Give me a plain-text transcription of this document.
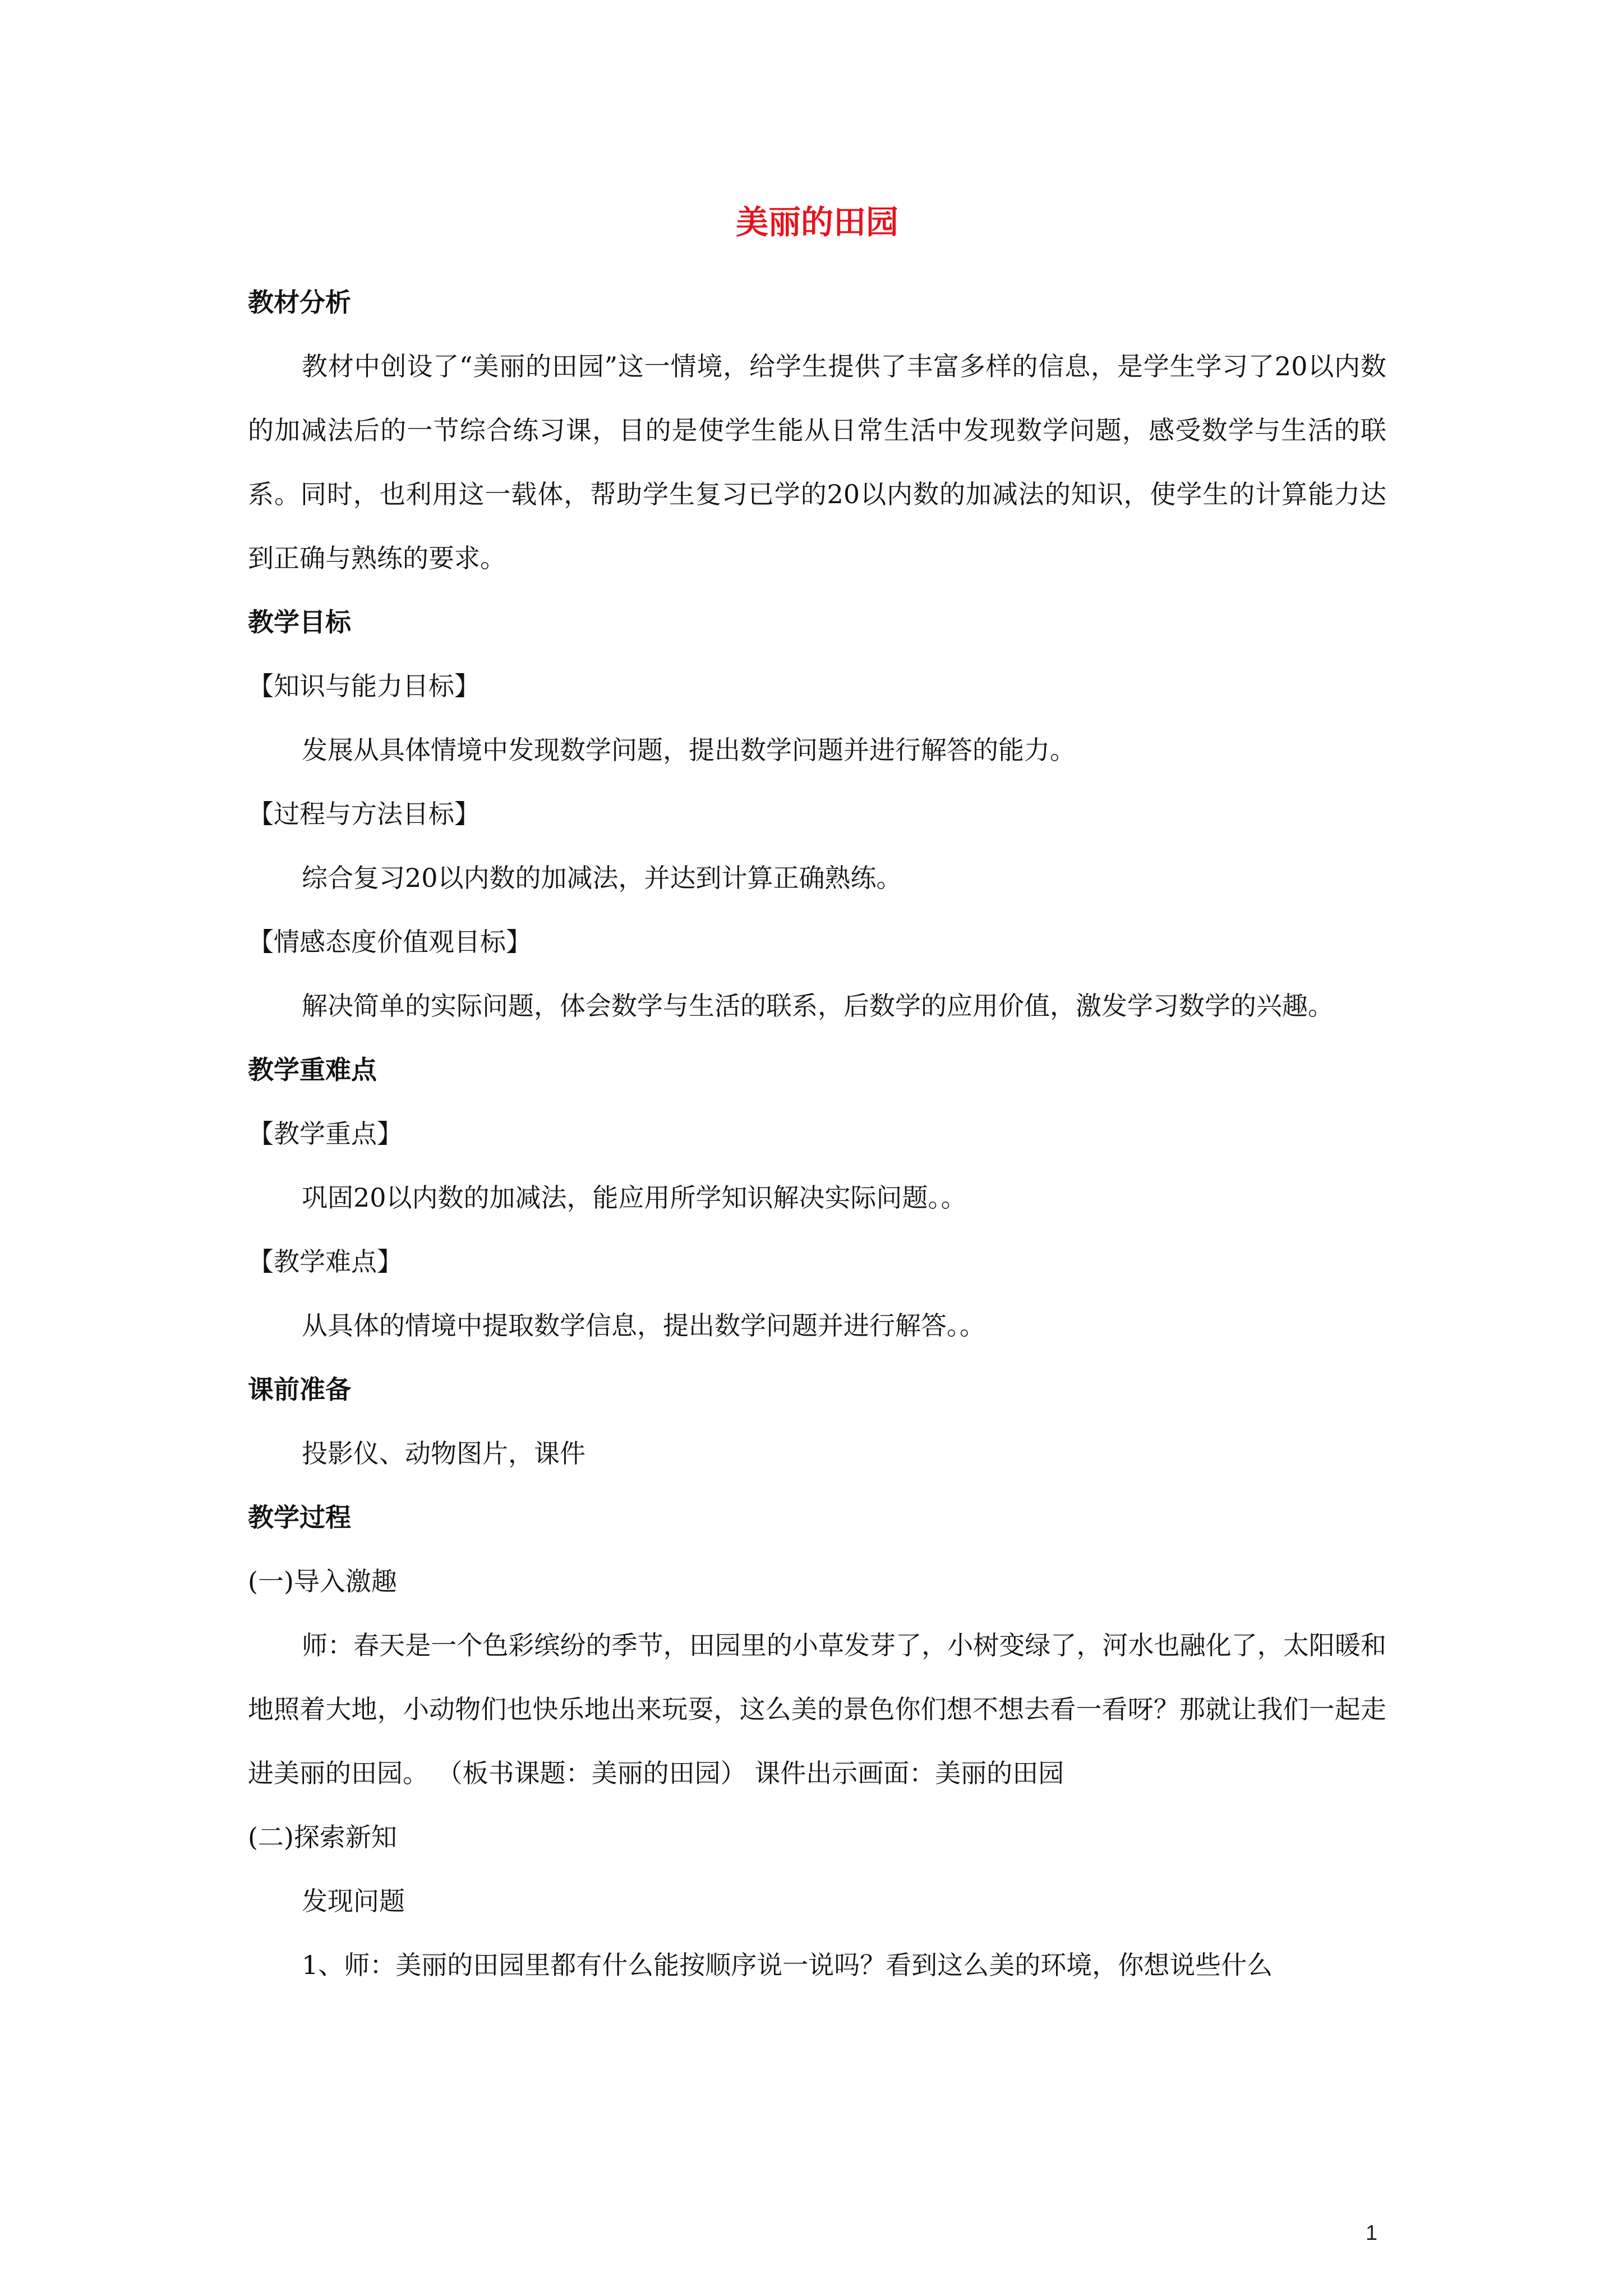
美丽的田园

教材分析

教材中创设了“美丽的田园”这一情境，给学生提供了丰富多样的信息，是学生学习了20以内数的加减法后的一节综合练习课，目的是使学生能从日常生活中发现数学问题，感受数学与生活的联系。同时，也利用这一载体，帮助学生复习已学的20以内数的加减法的知识，使学生的计算能力达到正确与熟练的要求。

教学目标

【知识与能力目标】

发展从具体情境中发现数学问题，提出数学问题并进行解答的能力。

【过程与方法目标】

综合复习20以内数的加减法，并达到计算正确熟练。

【情感态度价值观目标】

解决简单的实际问题，体会数学与生活的联系，后数学的应用价值，激发学习数学的兴趣。

教学重难点

【教学重点】

巩固20以内数的加减法，能应用所学知识解决实际问题。。

【教学难点】

从具体的情境中提取数学信息，提出数学问题并进行解答。。

课前准备

投影仪、动物图片，课件

教学过程

(一)导入激趣

师：春天是一个色彩缤纷的季节，田园里的小草发芽了，小树变绿了，河水也融化了，太阳暖和地照着大地，小动物们也快乐地出来玩耍，这么美的景色你们想不想去看一看呀？那就让我们一起走进美丽的田园。 （板书课题：美丽的田园） 课件出示画面：美丽的田园

(二)探索新知

发现问题

1、师：美丽的田园里都有什么能按顺序说一说吗？看到这么美的环境，你想说些什么

1
